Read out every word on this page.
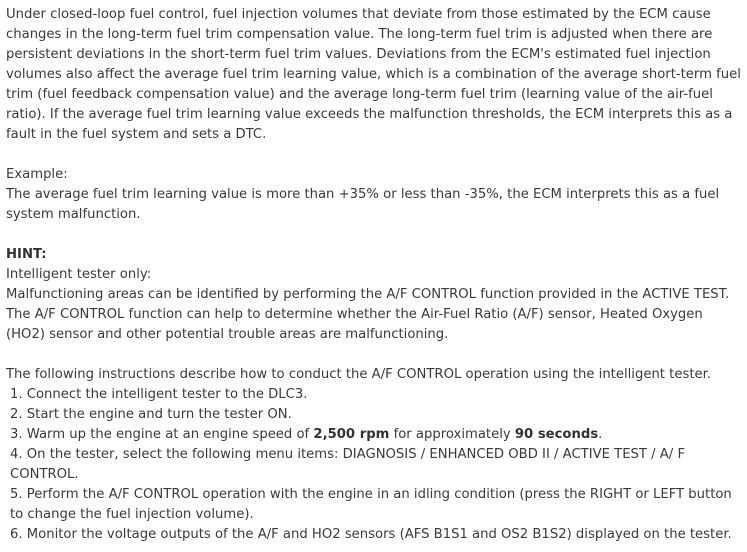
Under closed-loop fuel control, fuel injection volumes that deviate from those estimated by the ECM cause changes in the long-term fuel trim compensation value. The long-term fuel trim is adjusted when there are persistent deviations in the short-term fuel trim values. Deviations from the ECM's estimated fuel injection volumes also affect the average fuel trim learning value, which is a combination of the average short-term fuel trim (fuel feedback compensation value) and the average long-term fuel trim (learning value of the air-fuel ratio). If the average fuel trim learning value exceeds the malfunction thresholds, the ECM interprets this as a fault in the fuel system and sets a DTC.

Example:

The average fuel trim learning value is more than +35% or less than -35%, the ECM interprets this as a fuel system malfunction.

HINT:

Intelligent tester only:

Malfunctioning areas can be identified by performing the A/F CONTROL function provided in the ACTIVE TEST. The A/F CONTROL function can help to determine whether the Air-Fuel Ratio (A/F) sensor, Heated Oxygen (HO2) sensor and other potential trouble areas are malfunctioning.

The following instructions describe how to conduct the A/F CONTROL operation using the intelligent tester.

1. Connect the intelligent tester to the DLC3.

2. Start the engine and turn the tester ON.

3. Warm up the engine at an engine speed of 2,500 rpm for approximately 90 seconds.

4. On the tester, select the following menu items: DIAGNOSIS / ENHANCED OBD II / ACTIVE TEST / A/ F CONTROL.

5. Perform the A/F CONTROL operation with the engine in an idling condition (press the RIGHT or LEFT button to change the fuel injection volume).

6. Monitor the voltage outputs of the A/F and HO2 sensors (AFS B1S1 and OS2 B1S2) displayed on the tester.
